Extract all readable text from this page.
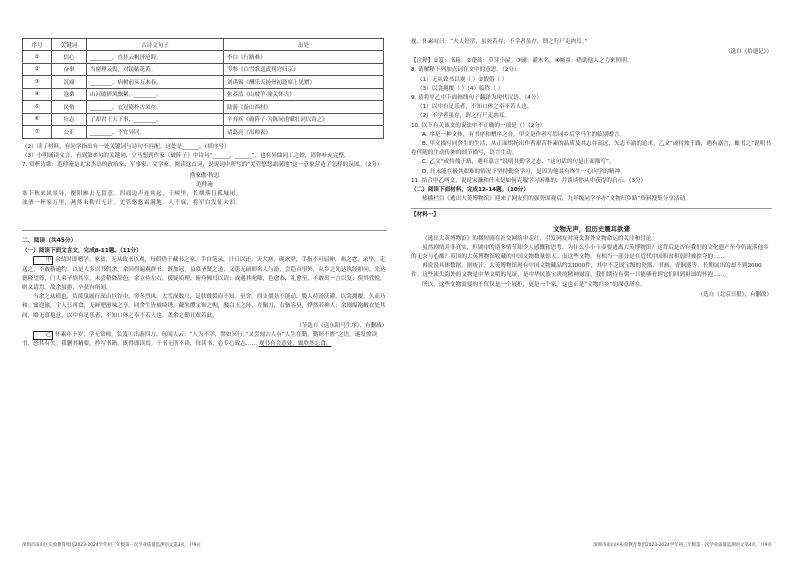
序号	关键词	古诗文句子	出处
①	信心	________，直挂云帆济沧海。	李白《行路难》
②	奋事	当窗理云鬓，对镜帖花黄。	岑参《白雪歌送武判官归京》
③	沉痛	________，病树前头万木春。	刘禹锡《酬乐天扬州初逢席上见赠》
④	沧桑	山河破碎风飘絮，________。	张养浩《山坡羊·潼关怀古》
⑤	民俗	________，衣冠简朴古风存。	陆游《游山西村》
⑥	壮志	了却君王天下事，________。	辛弃疾《破阵子·为陈同甫赋壮词以寄之》
⑦	公正	________，不宜异同。	诸葛亮《出师表》

（2）读了材料，有同学指出有一处关键词与诗句不匹配。这处是______。（填序号）

（3）小明诵读文言，看到第⑤句的关键词，立马想到作家《破阵子》中诗句“______，______”，也有异曲同工之妙，请你补充完整。

7. 赏析诗歌：范仲淹是北宋杰出的政治家、军事家、文学家。阅读这首词，说说词中所写的“羌管悠悠霜满地”这一意象营造了怎样的氛围。（2分）

渔家傲·秋思

范仲淹

塞下秋来风景异，衡阳雁去无留意。四面边声连角起，千嶂里，长烟落日孤城闭。

浊酒一杯家万里，燕然未勒归无计。羌管悠悠霜满地。人不寐，将军白发征夫泪。

二、阅读（共45分）

（一）阅读下面文言文，完成8-11题。（11分）

甲 余幼时即嗜学。家贫，无从致书以观，每假借于藏书之家，手自笔录，计日以还。天大寒，砚冰坚，手指不可屈伸，弗之怠。录毕，走送之，不敢稍逾约。以是人多以书假余，余因得遍观群书。既加冠，益慕圣贤之道，又患无硕师名人与游，尝趋百里外，从乡之先达执经叩问。先达德隆望尊，门人弟子填其室，未尝稍降辞色。余立侍左右，援疑质理，俯身倾耳以请；或遇其叱咄，色愈恭，礼愈至，不敢出一言以复；俟其欣悦，则又请焉。故余虽愚，卒获有所闻。

当余之从师也，负箧曳屣行深山巨谷中，穷冬烈风，大雪深数尺，足肤皲裂而不知。至舍，四支僵劲不能动，媵人持汤沃灌，以衾拥覆，久而乃和。寓逆旅，主人日再食，无鲜肥滋味之享。同舍生皆被绮绣，戴朱缨宝饰之帽，腰白玉之环，左佩刀，右备容臭，烨然若神人；余则缊袍敝衣处其间，略无慕艳意，以中有足乐者，不知口体之奉不若人也。盖余之勤且艰若此。

（节选自《送东阳马生序》，有删减）

乙 怀素年十岁，学无常师，负笈①出游四方。每闻人云：“人为不学，譬如冥行。”又尝闻古人有“人生在勤，勤则不匮”之语，遂发愤读书，恐其有失。我删其精要，抄写书籍，既得即读焉。于书无所不读，每读书，必专心致志…… 观书有会意处，辄欣然忘食。

深圳市南山区实验教育集团2023-2024学年初三年级第一次学业质量监测语文第3页，共9页

视。怀素叹曰：“夫人好学，虽死若存；不学者虽存，谓之行尸走肉耳。”

（选自《拾遗记》）

【注释】①笈：书箱。②蓬蒿：草芽小屋。③刷：灌木名。④厮童：借助他人之力来照明。

8. 请解释下列加点词在文中的意思。（2分）

（1）无从致书以观（ ）②假借（ ）

（3）以衾拥覆（ ）（4）临终（ ）

9. 请将甲乙中下面画线句子翻译为现代汉语。（4分）

（1）以中有足乐者，不知口体之奉不若人也。

（2）不学者虽存，谓之行尸走肉耳。

10. 以下有关该文的说法中不正确的一项是（）（2分）

A. 序是一种文体，有书序和赠序之分。甲文是作者写给同乡后学马生的临别赠言。

B. 甲文描写同舍生的生活，从正面烘托出作者艰苦朴素的品质及其志存高远、矢志不渝的追求。乙文“或持烛于路，遇有嘉言，辄书之”说明书卷伴随的生动传神的细节描写，语言生动。

C. 乙文“或持烛于路，遇有嘉言”说明其勤学之态，“这句话的句是正面描写”。

D. 任末能在极其艰难的情况下坚持勤奋学习，是因为他具有终生一心向学的精神。

11. 结合甲乙两文，说说宋濂和任末是如何克服学习困难的，并谈谈你从中获得的启示。（3分）

（二）阅读下面材料，完成12-14题。（10分）

热播栏目《逃出大英博物馆》迎来了网友们的强势围观后，九年级同学举办“文物归乡路”资料搜集分享活动。

【材料一】

文物无声，但历史震耳欲聋

《逃出大英博物馆》的微短剧在社交网络中走红，引发网友对流失海外文物命运的关注和讨论。

虽然剧情并非真实，但剧中的诸多情节却令人感慨和思考。为什么小小玉壶要逃离大英博物馆？这背后是否有我们的文化遗产至今仍流落他乡的无奈与心酸？英国的大英博物馆收藏的中国文物数量惊人。而这些文物，有相当一部分是在近代中国积贫积弱时被掠夺的……

再说说具体数据。据统计，大英博物馆现有中国文物藏品约23000件，其中不乏国宝级的瓷器、书画、青铜器等，长期展出的却不到2000件。这些流失海外的文物是中华文明的见证，是中华民族宝贵的精神财富。我们期待有朝一日能够看到它们回到祖国的怀抱……

所以，这些文物需要的不仅仅是一个展柜，更是一个家。这也正是“文物归乡”的深意所在。

（选自《北京日报》，有删改）

深圳市南山区实验教育集团2023-2024学年初三年级第一次学业质量监测语文第4页，共9页
